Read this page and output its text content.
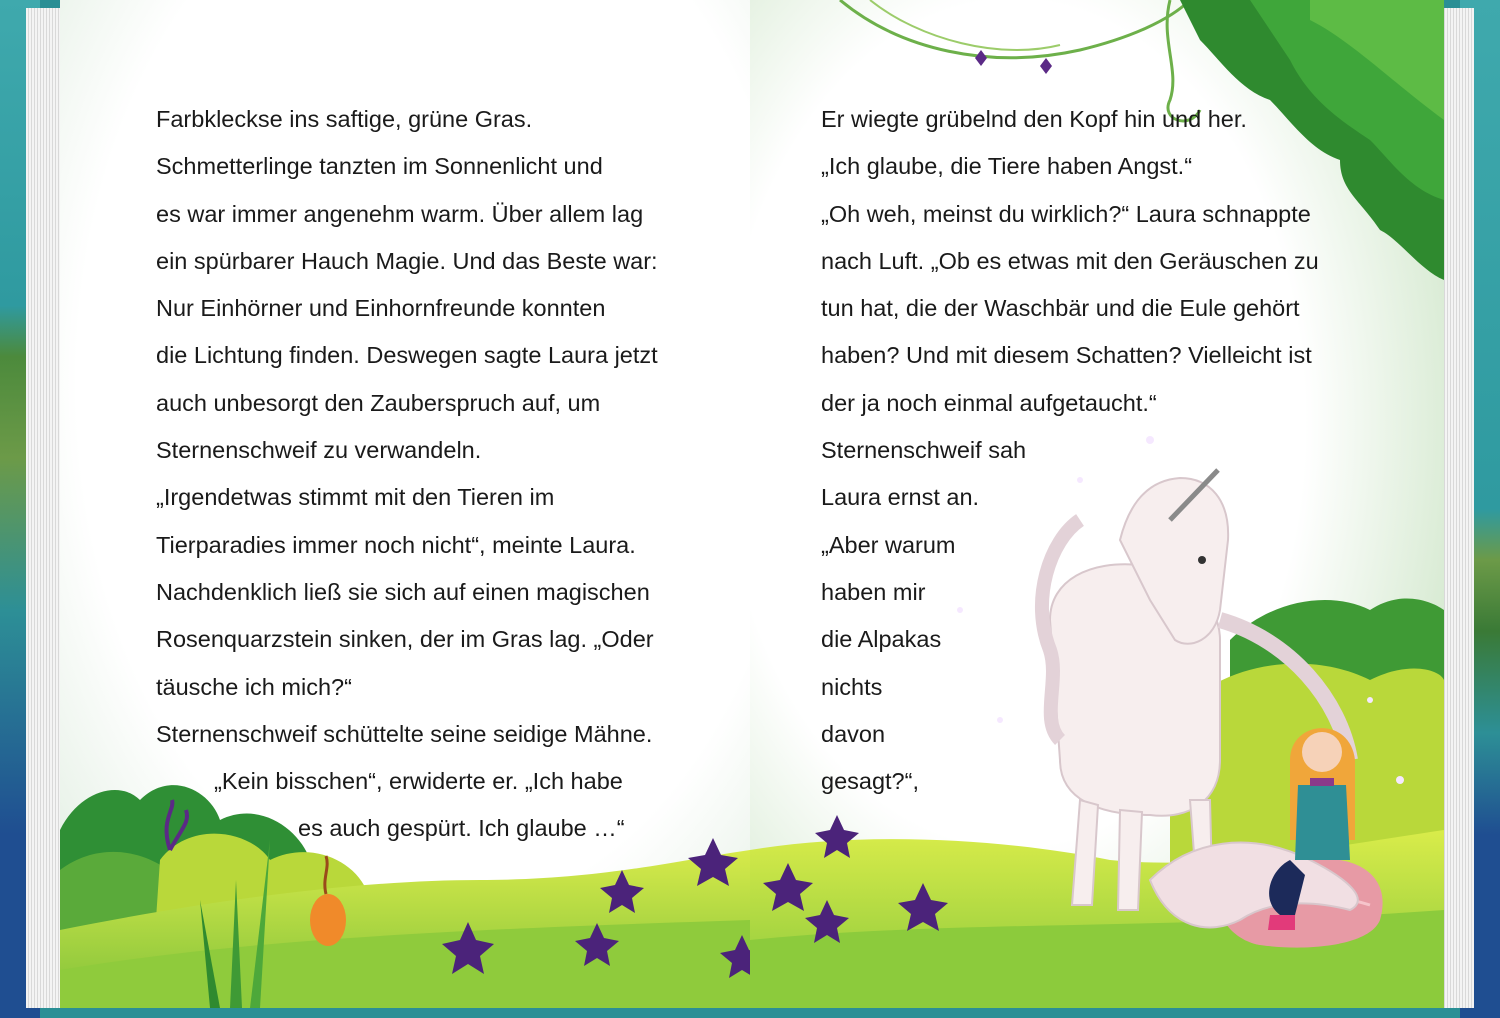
Farbkleckse ins saftige, grüne Gras.
Schmetterlinge tanzten im Sonnenlicht und
es war immer angenehm warm. Über allem lag
ein spürbarer Hauch Magie. Und das Beste war:
Nur Einhörner und Einhornfreunde konnten
die Lichtung finden. Deswegen sagte Laura jetzt
auch unbesorgt den Zauberspruch auf, um
Sternenschweif zu verwandeln.
„Irgendetwas stimmt mit den Tieren im
Tierparadies immer noch nicht“, meinte Laura.
Nachdenklich ließ sie sich auf einen magischen
Rosenquarzstein sinken, der im Gras lag. „Oder
täusche ich mich?“
Sternenschweif schüttelte seine seidige Mähne.
„Kein bisschen“, erwiderte er. „Ich habe
es auch gespürt. Ich glaube …“
Er wiegte grübelnd den Kopf hin und her.
„Ich glaube, die Tiere haben Angst.“
„Oh weh, meinst du wirklich?“ Laura schnappte
nach Luft. „Ob es etwas mit den Geräuschen zu
tun hat, die der Waschbär und die Eule gehört
haben? Und mit diesem Schatten? Vielleicht ist
der ja noch einmal aufgetaucht.“
Sternenschweif sah
Laura ernst an.
„Aber warum
haben mir
die Alpakas
nichts
davon
gesagt?“,
